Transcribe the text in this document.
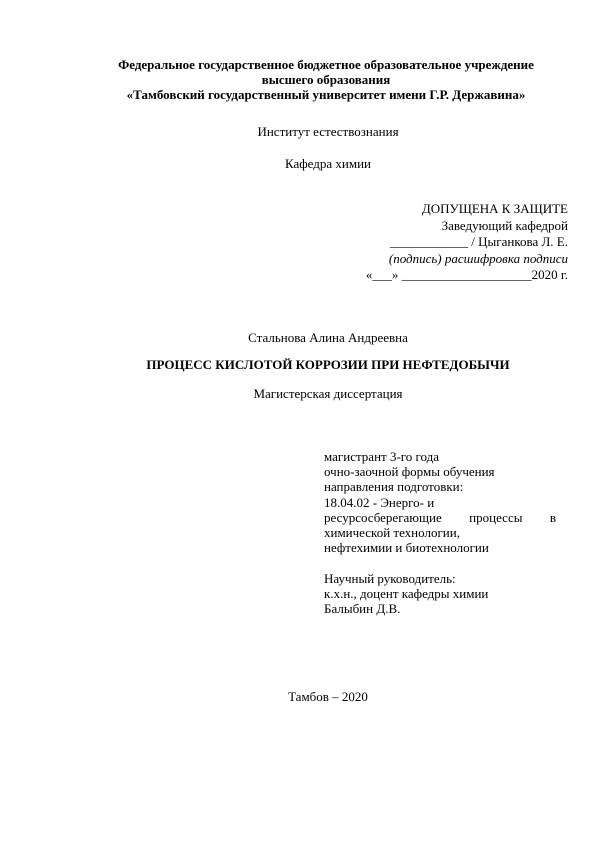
Федеральное государственное бюджетное образовательное учреждение
высшего образования
«Тамбовский государственный университет имени Г.Р. Державина»
Институт естествознания
Кафедра химии
ДОПУЩЕНА К ЗАЩИТЕ
Заведующий кафедрой
____________ / Цыганкова Л. Е.
(подпись) расшифровка подписи
«___» ____________________2020 г.
Стальнова Алина Андреевна
ПРОЦЕСС КИСЛОТОЙ КОРРОЗИИ ПРИ НЕФТЕДОБЫЧИ
Магистерская диссертация
магистрант 3-го года
очно-заочной формы обучения
направления подготовки:
18.04.02 - Энерго- и
ресурсосберегающие процессы в
химической технологии,
нефтехимии и биотехнологии
Научный руководитель:
к.х.н., доцент кафедры химии
Балыбин Д.В.
Тамбов – 2020
